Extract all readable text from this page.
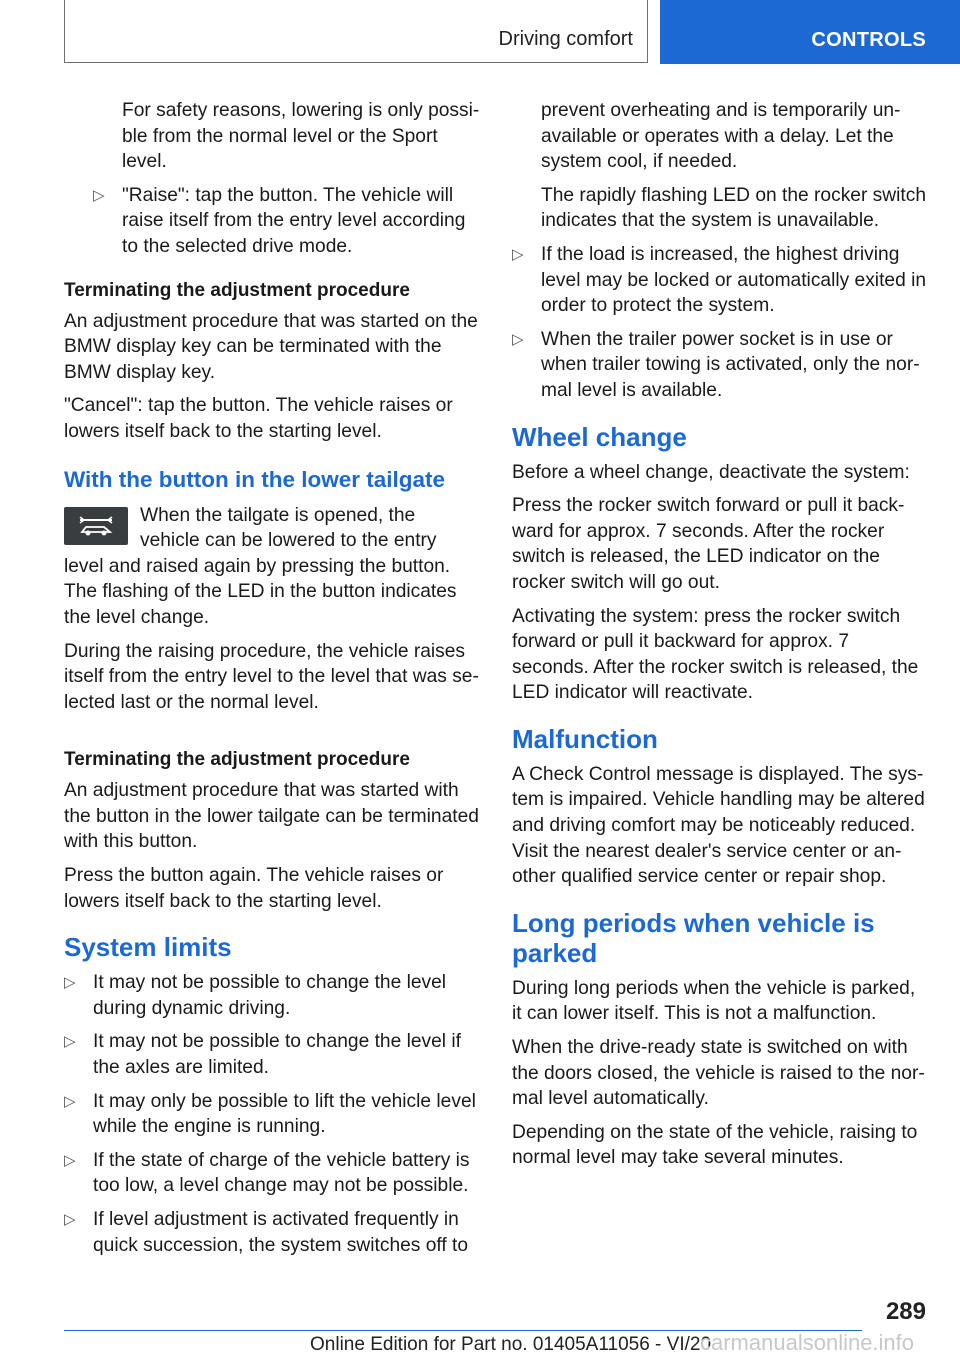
Driving comfort	CONTROLS

For safety reasons, lowering is only possible from the normal level or the Sport level.

▷ "Raise": tap the button. The vehicle will raise itself from the entry level according to the selected drive mode.
Terminating the adjustment procedure

An adjustment procedure that was started on the BMW display key can be terminated with the BMW display key.

"Cancel": tap the button. The vehicle raises or lowers itself back to the starting level.

With the button in the lower tailgate

When the tailgate is opened, the vehicle can be lowered to the entry level and raised again by pressing the button. The flashing of the LED in the button indicates the level change.

During the raising procedure, the vehicle raises itself from the entry level to the level that was selected last or the normal level.

Terminating the adjustment procedure

An adjustment procedure that was started with the button in the lower tailgate can be terminated with this button.

Press the button again. The vehicle raises or lowers itself back to the starting level.

System limits
▷ It may not be possible to change the level during dynamic driving.
▷ It may not be possible to change the level if the axles are limited.
▷ It may only be possible to lift the vehicle level while the engine is running.
▷ If the state of charge of the vehicle battery is too low, a level change may not be possible.
▷ If level adjustment is activated frequently in quick succession, the system switches off to

prevent overheating and is temporarily unavailable or operates with a delay. Let the system cool, if needed.

The rapidly flashing LED on the rocker switch indicates that the system is unavailable.

▷ If the load is increased, the highest driving level may be locked or automatically exited in order to protect the system.
▷ When the trailer power socket is in use or when trailer towing is activated, only the normal level is available.
Wheel change

Before a wheel change, deactivate the system:

Press the rocker switch forward or pull it backward for approx. 7 seconds. After the rocker switch is released, the LED indicator on the rocker switch will go out.

Activating the system: press the rocker switch forward or pull it backward for approx. 7 seconds. After the rocker switch is released, the LED indicator will reactivate.

Malfunction

A Check Control message is displayed. The system is impaired. Vehicle handling may be altered and driving comfort may be noticeably reduced. Visit the nearest dealer's service center or another qualified service center or repair shop.

Long periods when vehicle is parked

During long periods when the vehicle is parked, it can lower itself. This is not a malfunction.

When the drive-ready state is switched on with the doors closed, the vehicle is raised to the normal level automatically.

Depending on the state of the vehicle, raising to normal level may take several minutes.

289
Online Edition for Part no. 01405A11056 - VI/20
carmanualsonline.info
